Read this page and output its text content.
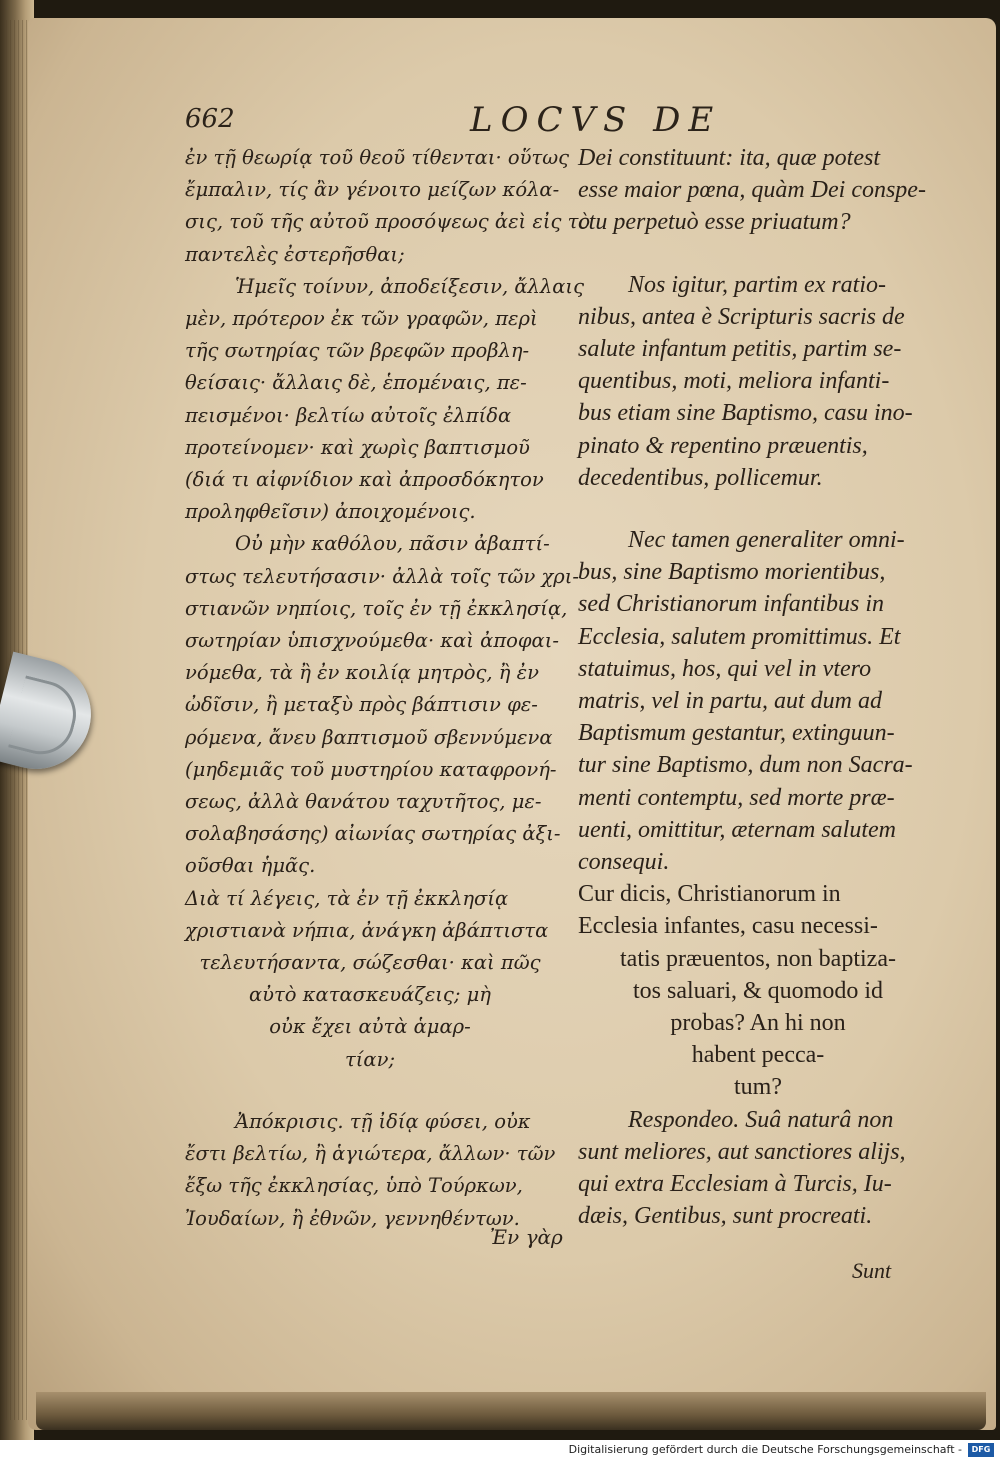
662	LOCVS DE
ἐν τῇ θεωρίᾳ τοῦ θεοῦ τίθενται· οὕτως
ἔμπαλιν, τίς ἂν γένοιτο μείζων κόλα-
σις, τοῦ τῆς αὐτοῦ προσόψεως ἀεὶ εἰς τὸ
παντελὲς ἐστερῆσθαι;
Ἡμεῖς τοίνυν, ἀποδείξεσιν, ἄλλαις
μὲν, πρότερον ἐκ τῶν γραφῶν, περὶ
τῆς σωτηρίας τῶν βρεφῶν προβλη-
θείσαις· ἄλλαις δὲ, ἑπομέναις, πε-
πεισμένοι· βελτίω αὐτοῖς ἐλπίδα
προτείνομεν· καὶ χωρὶς βαπτισμοῦ
(διά τι αἰφνίδιον καὶ ἀπροσδόκητον
προληφθεῖσιν) ἀποιχομένοις.
Οὐ μὴν καθόλου, πᾶσιν ἀβαπτί-
στως τελευτήσασιν· ἀλλὰ τοῖς τῶν χρι-
στιανῶν νηπίοις, τοῖς ἐν τῇ ἐκκλησίᾳ,
σωτηρίαν ὑπισχνούμεθα· καὶ ἀποφαι-
νόμεθα, τὰ ἢ ἐν κοιλίᾳ μητρὸς, ἢ ἐν
ὠδῖσιν, ἢ μεταξὺ πρὸς βάπτισιν φε-
ρόμενα, ἄνευ βαπτισμοῦ σβεννύμενα
(μηδεμιᾶς τοῦ μυστηρίου καταφρονή-
σεως, ἀλλὰ θανάτου ταχυτῆτος, με-
σολαβησάσης) αἰωνίας σωτηρίας ἀξι-
οῦσθαι ἡμᾶς.
Διὰ τί λέγεις, τὰ ἐν τῇ ἐκκλησίᾳ
χριστιανὰ νήπια, ἀνάγκη ἀβάπτιστα
τελευτήσαντα, σώζεσθαι· καὶ πῶς
αὐτὸ κατασκευάζεις; μὴ
οὐκ ἔχει αὐτὰ ἁμαρ-
τίαν;
Ἀπόκρισις. τῇ ἰδίᾳ φύσει, οὐκ
ἔστι βελτίω, ἢ ἁγιώτερα, ἄλλων· τῶν
ἔξω τῆς ἐκκλησίας, ὑπὸ Τούρκων,
Ἰουδαίων, ἢ ἐθνῶν, γεννηθέντων.
Ἐν γὰρ
Dei constituunt: ita, quæ potest
esse maior pœna, quàm Dei conspe-
ctu perpetuò esse priuatum?
Nos igitur, partim ex ratio-
nibus, antea è Scripturis sacris de
salute infantum petitis, partim se-
quentibus, moti, meliora infanti-
bus etiam sine Baptismo, casu ino-
pinato & repentino præuentis,
decedentibus, pollicemur.
Nec tamen generaliter omni-
bus, sine Baptismo morientibus,
sed Christianorum infantibus in
Ecclesia, salutem promittimus. Et
statuimus, hos, qui vel in vtero
matris, vel in partu, aut dum ad
Baptismum gestantur, extinguun-
tur sine Baptismo, dum non Sacra-
menti contemptu, sed morte præ-
uenti, omittitur, æternam salutem
consequi.
Cur dicis, Christianorum in
Ecclesia infantes, casu necessi-
tatis præuentos, non baptiza-
tos saluari, & quomodo id
probas? An hi non
habent pecca-
tum?
Respondeo. Suâ naturâ non
sunt meliores, aut sanctiores alijs,
qui extra Ecclesiam à Turcis, Iu-
dæis, Gentibus, sunt procreati.
Sunt
Digitalisierung gefördert durch die Deutsche Forschungsgemeinschaft -	DFG
